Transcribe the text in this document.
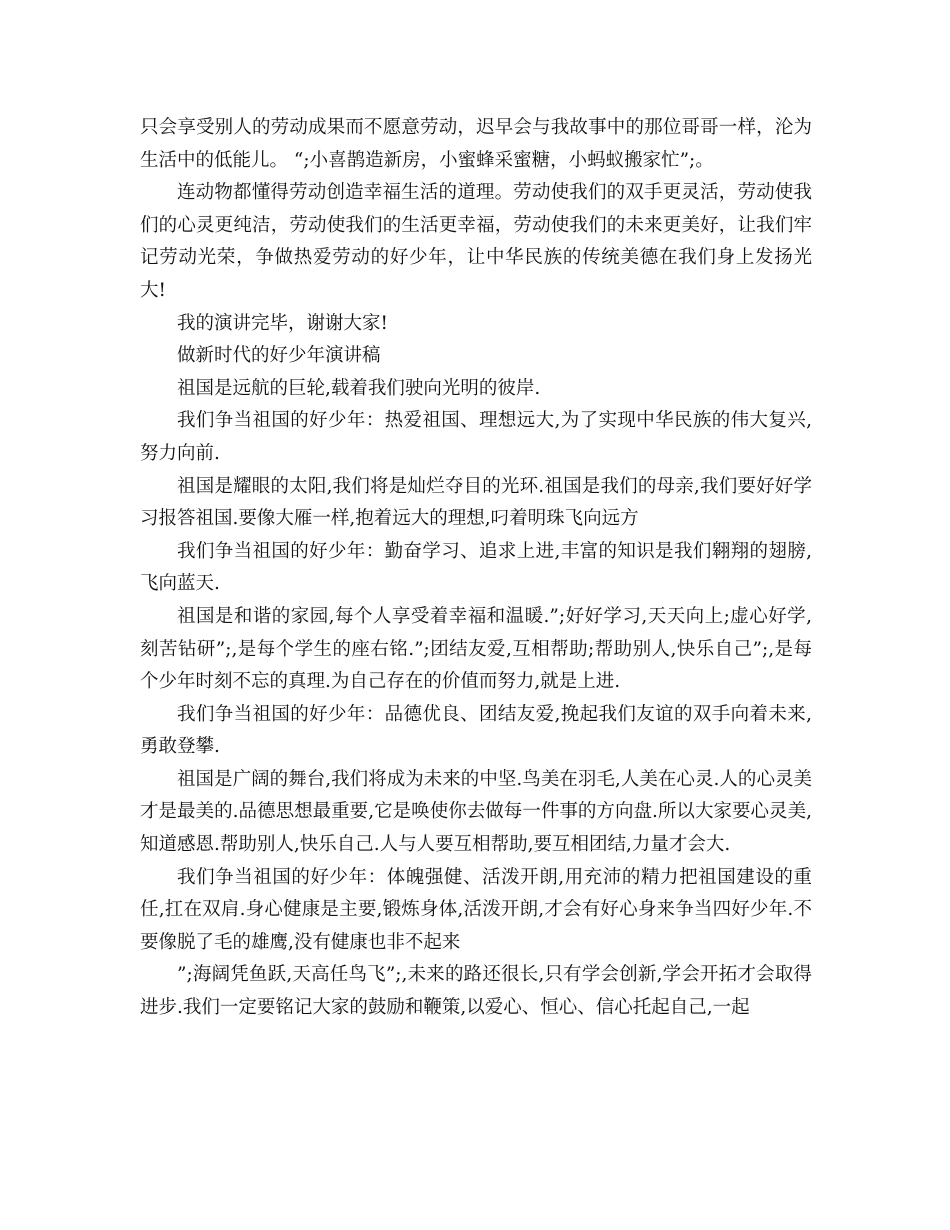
只会享受别人的劳动成果而不愿意劳动，迟早会与我故事中的那位哥哥一样，沦为生活中的低能儿。 “;小喜鹊造新房，小蜜蜂采蜜糖，小蚂蚁搬家忙”;。

连动物都懂得劳动创造幸福生活的道理。劳动使我们的双手更灵活，劳动使我们的心灵更纯洁，劳动使我们的生活更幸福，劳动使我们的未来更美好，让我们牢记劳动光荣，争做热爱劳动的好少年，让中华民族的传统美德在我们身上发扬光大!

我的演讲完毕，谢谢大家!

做新时代的好少年演讲稿

祖国是远航的巨轮,载着我们驶向光明的彼岸.

我们争当祖国的好少年：热爱祖国、理想远大,为了实现中华民族的伟大复兴,努力向前.

祖国是耀眼的太阳,我们将是灿烂夺目的光环.祖国是我们的母亲,我们要好好学习报答祖国.要像大雁一样,抱着远大的理想,叼着明珠飞向远方

我们争当祖国的好少年：勤奋学习、追求上进,丰富的知识是我们翱翔的翅膀,飞向蓝天.

祖国是和谐的家园,每个人享受着幸福和温暖.”;好好学习,天天向上;虚心好学,刻苦钻研”;,是每个学生的座右铭.”;团结友爱,互相帮助;帮助别人,快乐自己”;,是每个少年时刻不忘的真理.为自己存在的价值而努力,就是上进.

我们争当祖国的好少年：品德优良、团结友爱,挽起我们友谊的双手向着未来,勇敢登攀.

祖国是广阔的舞台,我们将成为未来的中坚.鸟美在羽毛,人美在心灵.人的心灵美才是最美的.品德思想最重要,它是唤使你去做每一件事的方向盘.所以大家要心灵美,知道感恩.帮助别人,快乐自己.人与人要互相帮助,要互相团结,力量才会大.

我们争当祖国的好少年：体魄强健、活泼开朗,用充沛的精力把祖国建设的重任,扛在双肩.身心健康是主要,锻炼身体,活泼开朗,才会有好心身来争当四好少年.不要像脱了毛的雄鹰,没有健康也非不起来

”;海阔凭鱼跃,天高任鸟飞”;,未来的路还很长,只有学会创新,学会开拓才会取得进步.我们一定要铭记大家的鼓励和鞭策,以爱心、恒心、信心托起自己,一起
